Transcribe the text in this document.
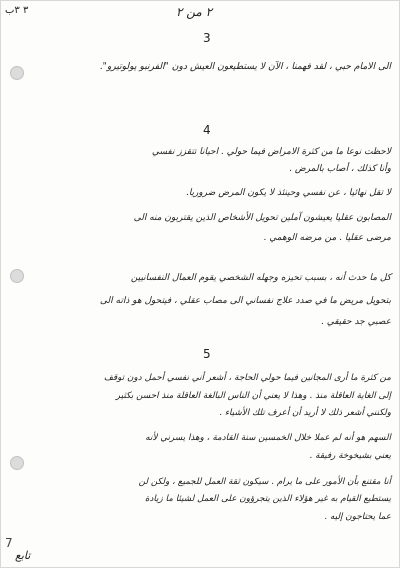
٣ ٣ب	٢ من ٢
3
الى الامام حبي ، لقد فهمنا ، الآن لا يستطيعون العيش دون "الفرنبو يولوتيرو".
4
لاحظت نوعا ما من كثرة الامراض فيما حولي . احيانا تتقزز نفسي
وأنا كذلك ، أصاب بالمرض .
لا تقل نهائيا ، عن نفسي وحينئذ لا يكون المرض ضروريا.
المصابون عقليا يعيشون آملين تحويل الأشخاص الذين يقتربون منه الى
مرضى عقليا . من مرضه الوهمي .
كل ما حدث أنه ، بسبب تحيزه وجهله الشخصي يقوم العمال النفسانيين
بتحويل مريض ما في صدد علاج نفساني الى مصاب عقلي ، فيتحول هو ذاته الى
عصبي جد حقيقي .
5
من كثرة ما أرى المجانين فيما حولي الحاجة ، أشعر أني نفسي أحمل دون توقف
إلى الغاية العاقلة منذ . وهذا لا يعني أن الناس البالغة العاقلة منذ احسن بكثير
ولكنني أشعر ذلك لا أريد أن أعرف تلك الأشياء .
السهم هو أنه لم عملا خلال الخمسين سنة القادمة ، وهذا يسرني لأنه
يعني بشيخوخة رفيقة .
أنا مقتنع بأن الأمور على ما يرام . سيكون ثقة العمل للجميع ، ولكن لن
يستطيع القيام به غير هؤلاء الذين يتجرؤون على العمل لشيئا ما زيادة
عما يحتاجون إليه .
7
تابع
